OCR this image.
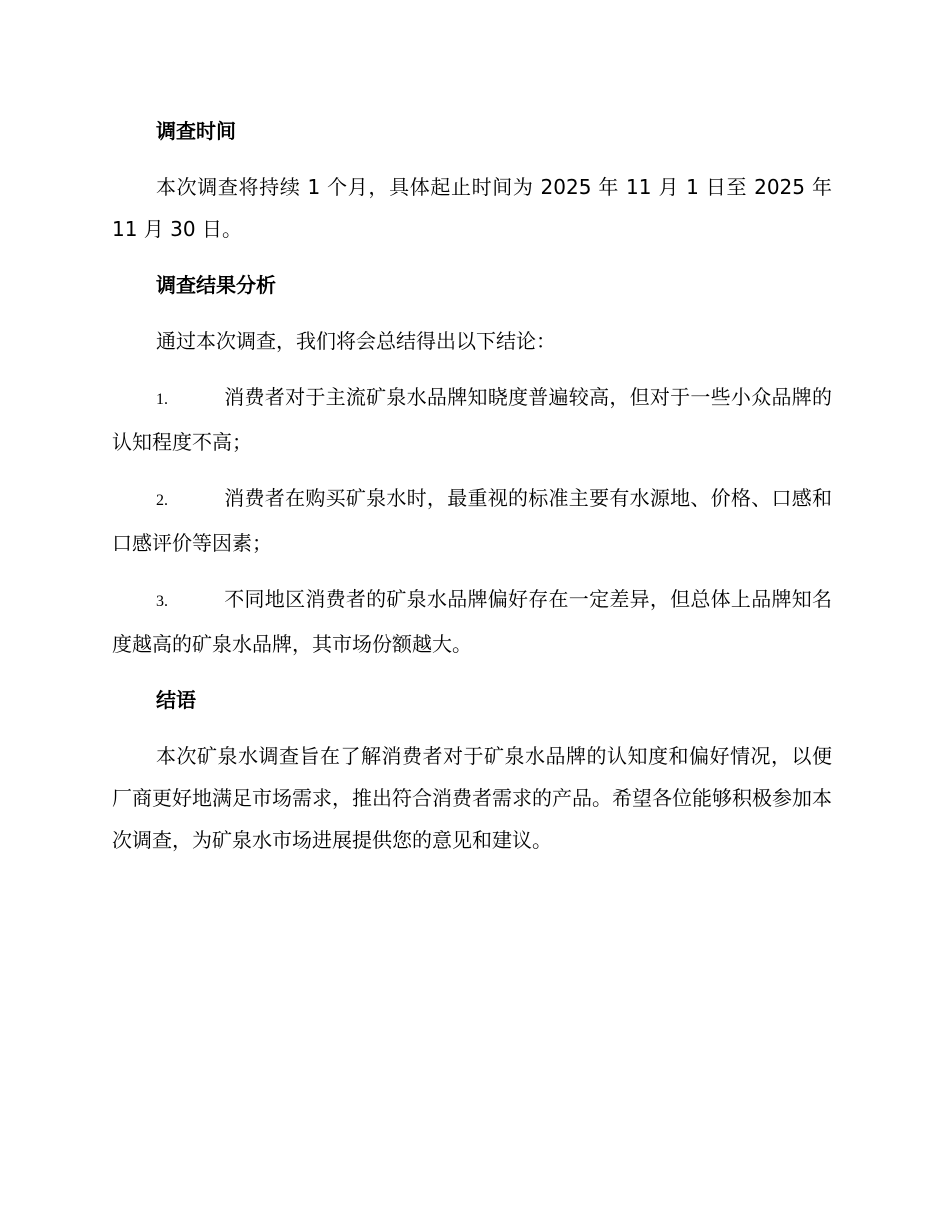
调查时间
本次调查将持续 1 个月，具体起止时间为 2025 年 11 月 1 日至 2025 年 11 月 30 日。
调查结果分析
通过本次调查，我们将会总结得出以下结论：
1.	消费者对于主流矿泉水品牌知晓度普遍较高，但对于一些小众品牌的认知程度不高；
2.	消费者在购买矿泉水时，最重视的标准主要有水源地、价格、口感和口感评价等因素；
3.	不同地区消费者的矿泉水品牌偏好存在一定差异，但总体上品牌知名度越高的矿泉水品牌，其市场份额越大。
结语
本次矿泉水调查旨在了解消费者对于矿泉水品牌的认知度和偏好情况，以便厂商更好地满足市场需求，推出符合消费者需求的产品。希望各位能够积极参加本次调查，为矿泉水市场进展提供您的意见和建议。
